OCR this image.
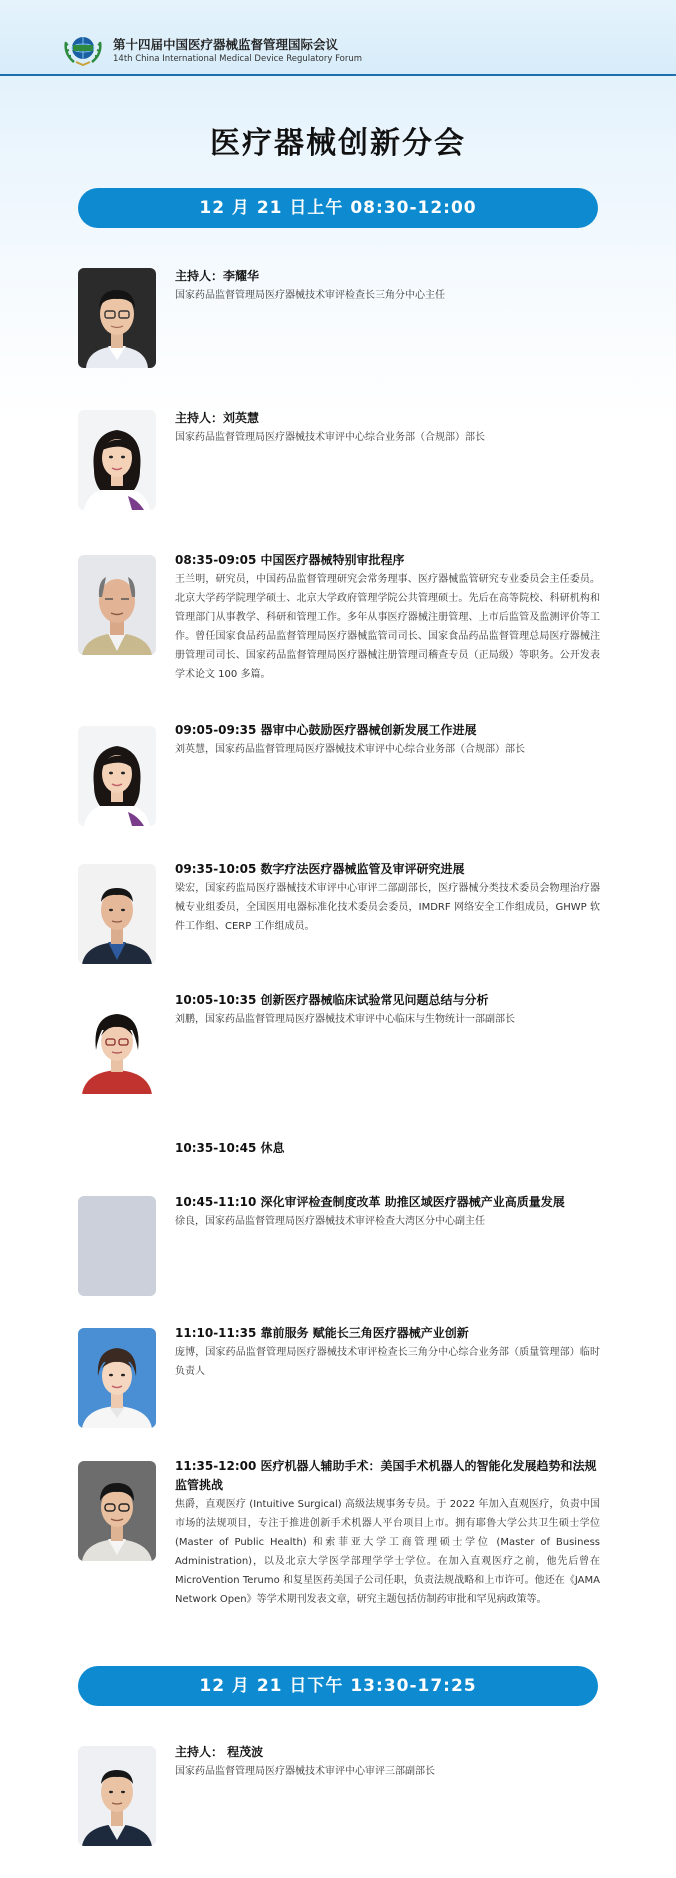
第十四届中国医疗器械监督管理国际会议
14th China International Medical Device Regulatory Forum
医疗器械创新分会
12 月 21 日上午 08:30-12:00
主持人：李耀华
国家药品监督管理局医疗器械技术审评检查长三角分中心主任
主持人：刘英慧
国家药品监督管理局医疗器械技术审评中心综合业务部（合规部）部长
08:35-09:05 中国医疗器械特别审批程序
王兰明，研究员，中国药品监督管理研究会常务理事、医疗器械监管研究专业委员会主任委员。北京大学药学院理学硕士、北京大学政府管理学院公共管理硕士。先后在高等院校、科研机构和管理部门从事教学、科研和管理工作。多年从事医疗器械注册管理、上市后监管及监测评价等工作。曾任国家食品药品监督管理局医疗器械监管司司长、国家食品药品监督管理总局医疗器械注册管理司司长、国家药品监督管理局医疗器械注册管理司稽查专员（正局级）等职务。公开发表学术论文 100 多篇。
09:05-09:35 器审中心鼓励医疗器械创新发展工作进展
刘英慧，国家药品监督管理局医疗器械技术审评中心综合业务部（合规部）部长
09:35-10:05 数字疗法医疗器械监管及审评研究进展
梁宏，国家药监局医疗器械技术审评中心审评二部副部长，医疗器械分类技术委员会物理治疗器械专业组委员，全国医用电器标准化技术委员会委员，IMDRF 网络安全工作组成员，GHWP 软件工作组、CERP 工作组成员。
10:05-10:35 创新医疗器械临床试验常见问题总结与分析
刘鹏，国家药品监督管理局医疗器械技术审评中心临床与生物统计一部副部长
10:35-10:45 休息
10:45-11:10 深化审评检查制度改革 助推区域医疗器械产业高质量发展
徐良，国家药品监督管理局医疗器械技术审评检查大湾区分中心副主任
11:10-11:35 靠前服务 赋能长三角医疗器械产业创新
庞博，国家药品监督管理局医疗器械技术审评检查长三角分中心综合业务部（质量管理部）临时负责人
11:35-12:00 医疗机器人辅助手术：美国手术机器人的智能化发展趋势和法规监管挑战
焦爵，直观医疗 (Intuitive Surgical) 高级法规事务专员。于 2022 年加入直观医疗，负责中国市场的法规项目，专注于推进创新手术机器人平台项目上市。拥有耶鲁大学公共卫生硕士学位 (Master of Public Health) 和索菲亚大学工商管理硕士学位 (Master of Business Administration)，以及北京大学医学部理学学士学位。在加入直观医疗之前，他先后曾在 MicroVention Terumo 和复星医药美国子公司任职，负责法规战略和上市许可。他还在《JAMA Network Open》等学术期刊发表文章，研究主题包括仿制药审批和罕见病政策等。
12 月 21 日下午 13:30-17:25
主持人： 程茂波
国家药品监督管理局医疗器械技术审评中心审评三部副部长
